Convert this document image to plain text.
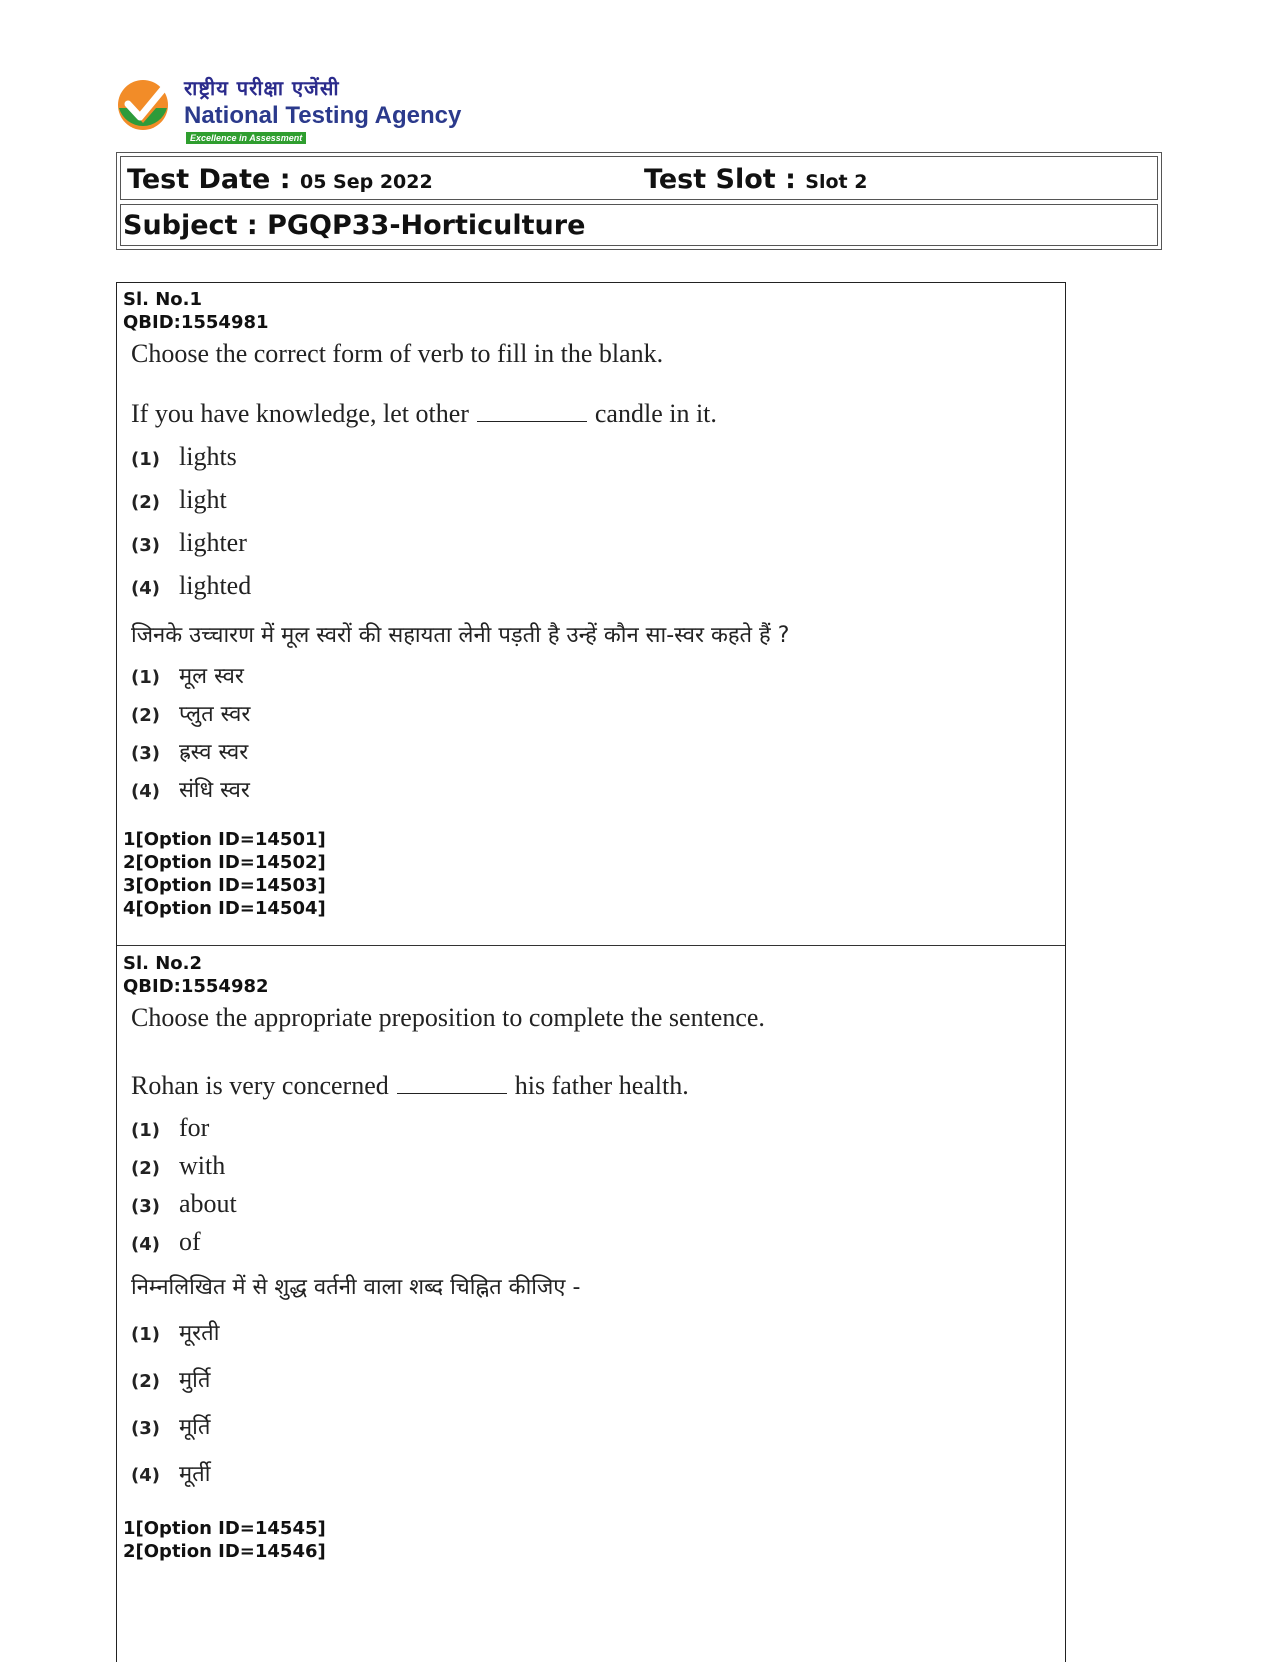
राष्ट्रीय परीक्षा एजेंसी
National Testing Agency
Excellence in Assessment
Test Date : 05 Sep 2022	Test Slot : Slot 2
Subject : PGQP33-Horticulture
Sl. No.1
QBID:1554981
Choose the correct form of verb to fill in the blank.
If you have knowledge, let other	candle in it.
(1) lights
(2) light
(3) lighter
(4) lighted
जिनके उच्चारण में मूल स्वरों की सहायता लेनी पड़ती है उन्हें कौन सा-स्वर कहते हैं ?
(1) मूल स्वर
(2) प्लुत स्वर
(3) ह्रस्व स्वर
(4) संधि स्वर
1[Option ID=14501]
2[Option ID=14502]
3[Option ID=14503]
4[Option ID=14504]
Sl. No.2
QBID:1554982
Choose the appropriate preposition to complete the sentence.
Rohan is very concerned	his father health.
(1) for
(2) with
(3) about
(4) of
निम्नलिखित में से शुद्ध वर्तनी वाला शब्द चिह्नित कीजिए -
(1) मूरती
(2) मुर्ति
(3) मूर्ति
(4) मूर्ती
1[Option ID=14545]
2[Option ID=14546]
